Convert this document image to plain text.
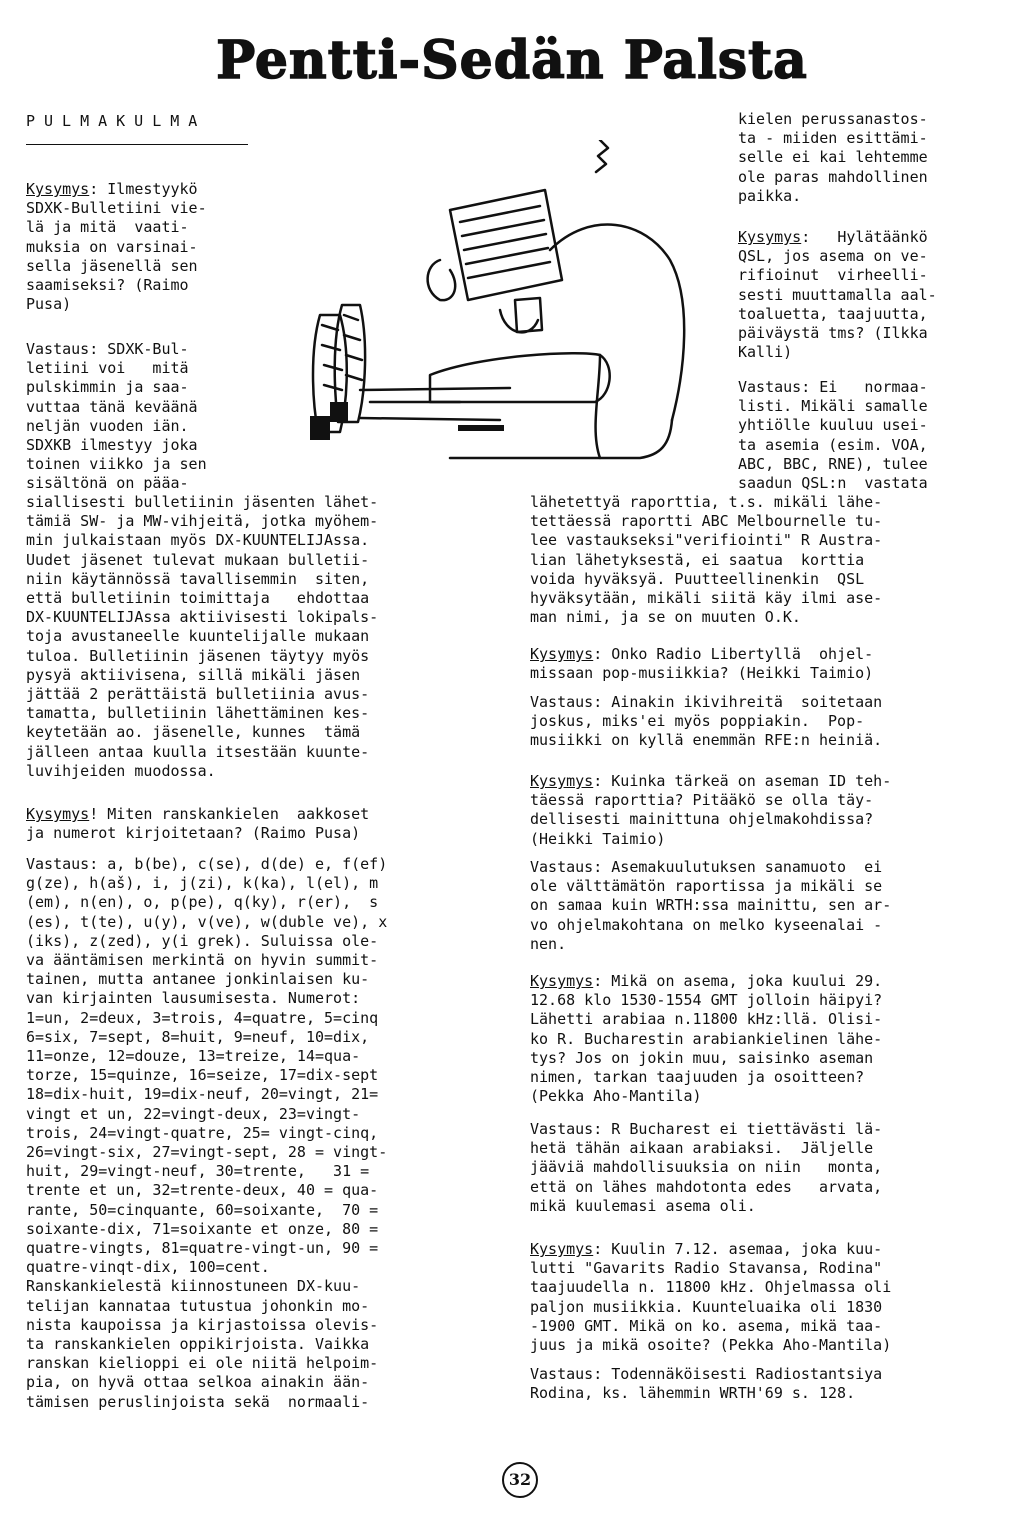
Pentti-Sedän Palsta
PULMAKULMA
Kysymys: Ilmestyykö
SDXK-Bulletiini vie-
lä ja mitä  vaati-
muksia on varsinai-
sella jäsenellä sen
saamiseksi? (Raimo
Pusa)
Vastaus: SDXK-Bul-
letiini voi   mitä
pulskimmin ja saa-
vuttaa tänä keväänä
neljän vuoden iän.
SDXKB ilmestyy joka
toinen viikko ja sen
sisältönä on pääa-
siallisesti bulletiinin jäsenten lähet-
tämiä SW- ja MW-vihjeitä, jotka myöhem-
min julkaistaan myös DX-KUUNTELIJAssa.
Uudet jäsenet tulevat mukaan bulletii-
niin käytännössä tavallisemmin  siten,
että bulletiinin toimittaja   ehdottaa
DX-KUUNTELIJAssa aktiivisesti lokipals-
toja avustaneelle kuuntelijalle mukaan
tuloa. Bulletiinin jäsenen täytyy myös
pysyä aktiivisena, sillä mikäli jäsen
jättää 2 perättäistä bulletiinia avus-
tamatta, bulletiinin lähettäminen kes-
keytetään ao. jäsenelle, kunnes  tämä
jälleen antaa kuulla itsestään kuunte-
luvihjeiden muodossa.
Kysymys! Miten ranskankielen  aakkoset
ja numerot kirjoitetaan? (Raimo Pusa)
Vastaus: a, b(be), c(se), d(de) e, f(ef)
g(ze), h(aš), i, j(zi), k(ka), l(el), m
(em), n(en), o, p(pe), q(ky), r(er),  s
(es), t(te), u(y), v(ve), w(duble ve), x
(iks), z(zed), y(i grek). Suluissa ole-
va ääntämisen merkintä on hyvin summit-
tainen, mutta antanee jonkinlaisen ku-
van kirjainten lausumisesta. Numerot:
1=un, 2=deux, 3=trois, 4=quatre, 5=cinq
6=six, 7=sept, 8=huit, 9=neuf, 10=dix,
11=onze, 12=douze, 13=treize, 14=qua-
torze, 15=quinze, 16=seize, 17=dix-sept
18=dix-huit, 19=dix-neuf, 20=vingt, 21=
vingt et un, 22=vingt-deux, 23=vingt-
trois, 24=vingt-quatre, 25= vingt-cinq,
26=vingt-six, 27=vingt-sept, 28 = vingt-
huit, 29=vingt-neuf, 30=trente,   31 =
trente et un, 32=trente-deux, 40 = qua-
rante, 50=cinquante, 60=soixante,  70 =
soixante-dix, 71=soixante et onze, 80 =
quatre-vingts, 81=quatre-vingt-un, 90 =
quatre-vinqt-dix, 100=cent.
Ranskankielestä kiinnostuneen DX-kuu-
telijan kannataa tutustua johonkin mo-
nista kaupoissa ja kirjastoissa olevis-
ta ranskankielen oppikirjoista. Vaikka
ranskan kielioppi ei ole niitä helpoim-
pia, on hyvä ottaa selkoa ainakin ään-
tämisen peruslinjoista sekä  normaali-
kielen perussanastos-
ta - miiden esittämi-
selle ei kai lehtemme
ole paras mahdollinen
paikka.
Kysymys:   Hylätäänkö
QSL, jos asema on ve-
rifioinut  virheelli-
sesti muuttamalla aal-
toaluetta, taajuutta,
päiväystä tms? (Ilkka
Kalli)
Vastaus: Ei   normaa-
listi. Mikäli samalle
yhtiölle kuuluu usei-
ta asemia (esim. VOA,
ABC, BBC, RNE), tulee
saadun QSL:n  vastata
lähetettyä raporttia, t.s. mikäli lähe-
tettäessä raportti ABC Melbournelle tu-
lee vastaukseksi"verifiointi" R Austra-
lian lähetyksestä, ei saatua  korttia
voida hyväksyä. Puutteellinenkin  QSL
hyväksytään, mikäli siitä käy ilmi ase-
man nimi, ja se on muuten O.K.
Kysymys: Onko Radio Libertyllä  ohjel-
missaan pop-musiikkia? (Heikki Taimio)
Vastaus: Ainakin ikivihreitä  soitetaan
joskus, miks'ei myös poppiakin.  Pop-
musiikki on kyllä enemmän RFE:n heiniä.
Kysymys: Kuinka tärkeä on aseman ID teh-
täessä raporttia? Pitääkö se olla täy-
dellisesti mainittuna ohjelmakohdissa?
(Heikki Taimio)
Vastaus: Asemakuulutuksen sanamuoto  ei
ole välttämätön raportissa ja mikäli se
on samaa kuin WRTH:ssa mainittu, sen ar-
vo ohjelmakohtana on melko kyseenalai -
nen.
Kysymys: Mikä on asema, joka kuului 29.
12.68 klo 1530-1554 GMT jolloin häipyi?
Lähetti arabiaa n.11800 kHz:llä. Olisi-
ko R. Bucharestin arabiankielinen lähe-
tys? Jos on jokin muu, saisinko aseman
nimen, tarkan taajuuden ja osoitteen?
(Pekka Aho-Mantila)
Vastaus: R Bucharest ei tiettävästi lä-
hetä tähän aikaan arabiaksi.  Jäljelle
jääviä mahdollisuuksia on niin   monta,
että on lähes mahdotonta edes   arvata,
mikä kuulemasi asema oli.
Kysymys: Kuulin 7.12. asemaa, joka kuu-
lutti "Gavarits Radio Stavansa, Rodina"
taajuudella n. 11800 kHz. Ohjelmassa oli
paljon musiikkia. Kuunteluaika oli 1830
-1900 GMT. Mikä on ko. asema, mikä taa-
juus ja mikä osoite? (Pekka Aho-Mantila)
Vastaus: Todennäköisesti Radiostantsiya
Rodina, ks. lähemmin WRTH'69 s. 128.
32
